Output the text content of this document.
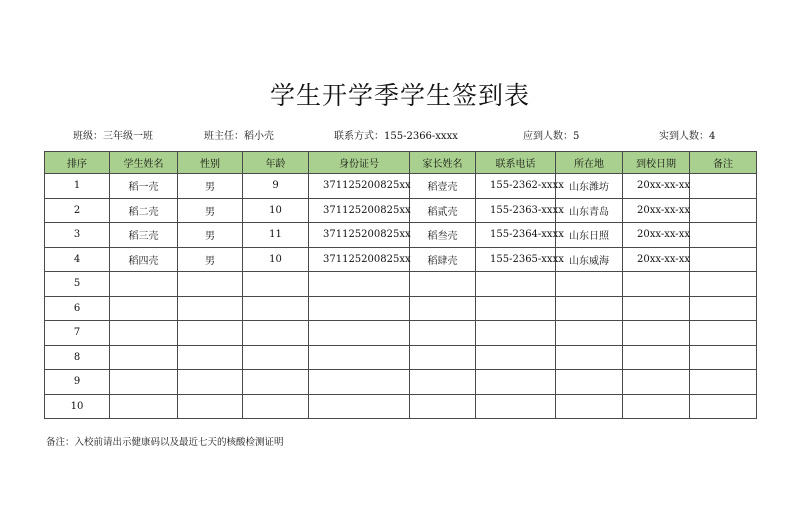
学生开学季学生签到表
班级：三年级一班	班主任：稻小壳	联系方式：155-2366-xxxx	应到人数：5	实到人数：4
排序	学生姓名	性别	年龄	身份证号	家长姓名	联系电话	所在地	到校日期	备注
1	稻一壳	男	9	371125200825xx	稻壹壳	155-2362-xxxx	山东潍坊	20xx-xx-xx	
2	稻二壳	男	10	371125200825xx	稻贰壳	155-2363-xxxx	山东青岛	20xx-xx-xx	
3	稻三壳	男	11	371125200825xx	稻叁壳	155-2364-xxxx	山东日照	20xx-xx-xx	
4	稻四壳	男	10	371125200825xx	稻肆壳	155-2365-xxxx	山东威海	20xx-xx-xx	
5									
6									
7									
8									
9									
10									
备注：入校前请出示健康码以及最近七天的核酸检测证明
